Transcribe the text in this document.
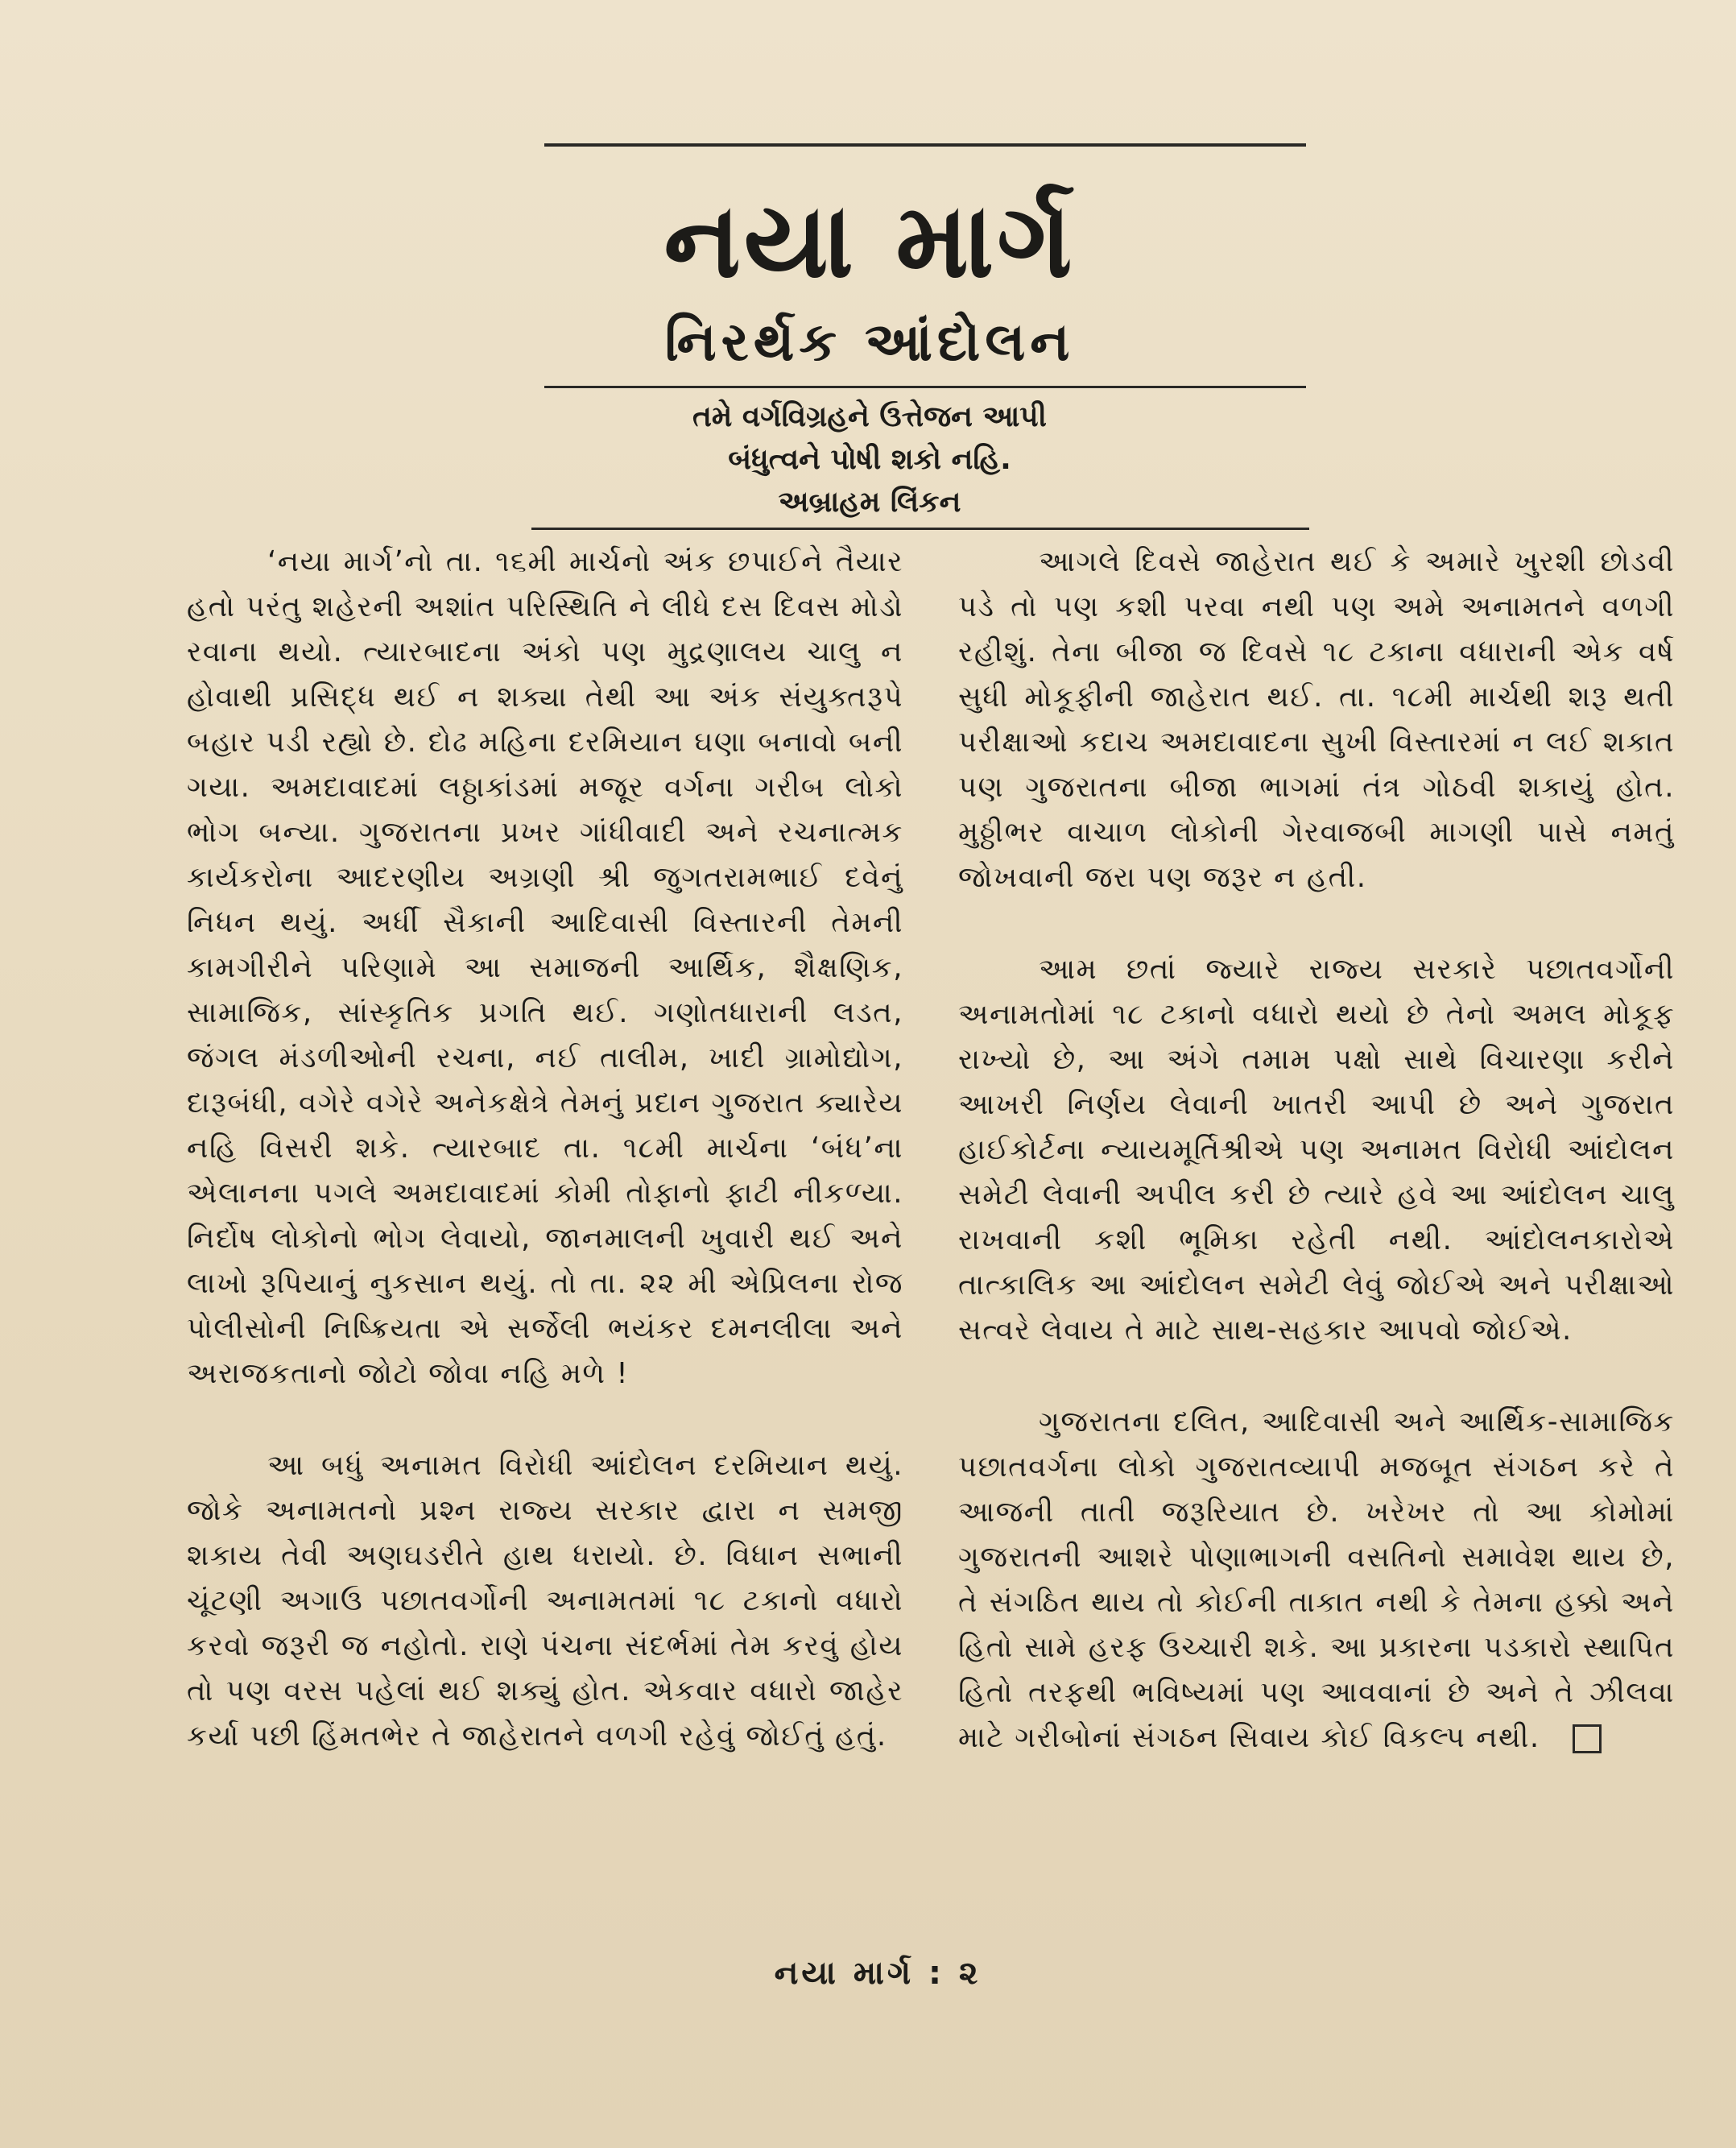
નયા માર્ગ
નિરર્થક આંદોલન
તમે વર્ગવિગ્રહને ઉત્તેજન આપી
બંધુત્વને પોષી શકો નહિ.
અબ્રાહમ લિંકન

‘નયા માર્ગ’નો તા. ૧૬મી માર્ચનો અંક છપાઈને તૈયાર હતો પરંતુ શહેરની અશાંત પરિસ્થિતિ ને લીધે દસ દિવસ મોડો રવાના થયો. ત્યારબાદના અંકો પણ મુદ્રણાલય ચાલુ ન હોવાથી પ્રસિદ્ધ થઈ ન શક્યા તેથી આ અંક સંયુક્તરૂપે બહાર પડી રહ્યો છે. દોઢ મહિના દરમિયાન ઘણા બનાવો બની ગયા. અમદાવાદમાં લઠ્ઠાકાંડમાં મજૂર વર્ગના ગરીબ લોકો ભોગ બન્યા. ગુજરાતના પ્રખર ગાંધીવાદી અને રચનાત્મક કાર્યકરોના આદરણીય અગ્રણી શ્રી જુગતરામભાઈ દવેનું નિધન થયું. અર્ધી સૈકાની આદિવાસી વિસ્તારની તેમની કામગીરીને પરિણામે આ સમાજની આર્થિક, શૈક્ષણિક, સામાજિક, સાંસ્કૃતિક પ્રગતિ થઈ. ગણોતધારાની લડત, જંગલ મંડળીઓની રચના, નઈ તાલીમ, ખાદી ગ્રામોદ્યોગ, દારૂબંધી, વગેરે વગેરે અનેકક્ષેત્રે તેમનું પ્રદાન ગુજરાત ક્યારેય નહિ વિસરી શકે. ત્યારબાદ તા. ૧૮મી માર્ચના ‘બંધ’ના એલાનના પગલે અમદાવાદમાં કોમી તોફાનો ફાટી નીકળ્યા. નિર્દોષ લોકોનો ભોગ લેવાયો, જાનમાલની ખુવારી થઈ અને લાખો રૂપિયાનું નુકસાન થયું. તો તા. ૨૨ મી એપ્રિલના રોજ પોલીસોની નિષ્ક્રિયતા એ સર્જેલી ભયંકર દમનલીલા અને અરાજકતાનો જોટો જોવા નહિ મળે !

આ બધું અનામત વિરોધી આંદોલન દરમિયાન થયું. જોકે અનામતનો પ્રશ્ન રાજ્ય સરકાર દ્વારા ન સમજી શકાય તેવી અણઘડરીતે હાથ ધરાયો. છે. વિધાન સભાની ચૂંટણી અગાઉ પછાતવર્ગોની અનામતમાં ૧૮ ટકાનો વધારો કરવો જરૂરી જ નહોતો. રાણે પંચના સંદર્ભમાં તેમ કરવું હોય તો પણ વરસ પહેલાં થઈ શક્યું હોત. એકવાર વધારો જાહેર કર્યા પછી હિંમતભેર તે જાહેરાતને વળગી રહેવું જોઈતું હતું.

આગલે દિવસે જાહેરાત થઈ કે અમારે ખુરશી છોડવી પડે તો પણ કશી પરવા નથી પણ અમે અનામતને વળગી રહીશું. તેના બીજા જ દિવસે ૧૮ ટકાના વધારાની એક વર્ષ સુધી મોકૂફીની જાહેરાત થઈ. તા. ૧૮મી માર્ચથી શરૂ થતી પરીક્ષાઓ કદાચ અમદાવાદના સુખી વિસ્તારમાં ન લઈ શકાત પણ ગુજરાતના બીજા ભાગમાં તંત્ર ગોઠવી શકાયું હોત. મુઠ્ઠીભર વાચાળ લોકોની ગેરવાજબી માગણી પાસે નમતું જોખવાની જરા પણ જરૂર ન હતી.

આમ છતાં જ્યારે રાજ્ય સરકારે પછાતવર્ગોની અનામતોમાં ૧૮ ટકાનો વધારો થયો છે તેનો અમલ મોકૂફ રાખ્યો છે, આ અંગે તમામ પક્ષો સાથે વિચારણા કરીને આખરી નિર્ણય લેવાની ખાતરી આપી છે અને ગુજરાત હાઈકોર્ટના ન્યાયમૂર્તિશ્રીએ પણ અનામત વિરોધી આંદોલન સમેટી લેવાની અપીલ કરી છે ત્યારે હવે આ આંદોલન ચાલુ રાખવાની કશી ભૂમિકા રહેતી નથી. આંદોલનકારોએ તાત્કાલિક આ આંદોલન સમેટી લેવું જોઈએ અને પરીક્ષાઓ સત્વરે લેવાય તે માટે સાથ-સહકાર આપવો જોઈએ.

ગુજરાતના દલિત, આદિવાસી અને આર્થિક-સામાજિક પછાતવર્ગના લોકો ગુજરાતવ્યાપી મજબૂત સંગઠન કરે તે આજની તાતી જરૂરિયાત છે. ખરેખર તો આ કોમોમાં ગુજરાતની આશરે પોણાભાગની વસતિનો સમાવેશ થાય છે, તે સંગઠિત થાય તો કોઈની તાકાત નથી કે તેમના હક્કો અને હિતો સામે હરફ ઉચ્ચારી શકે. આ પ્રકારના પડકારો સ્થાપિત હિતો તરફથી ભવિષ્યમાં પણ આવવાનાં છે અને તે ઝીલવા માટે ગરીબોનાં સંગઠન સિવાય કોઈ વિકલ્પ નથી.

નયા માર્ગ : ૨
